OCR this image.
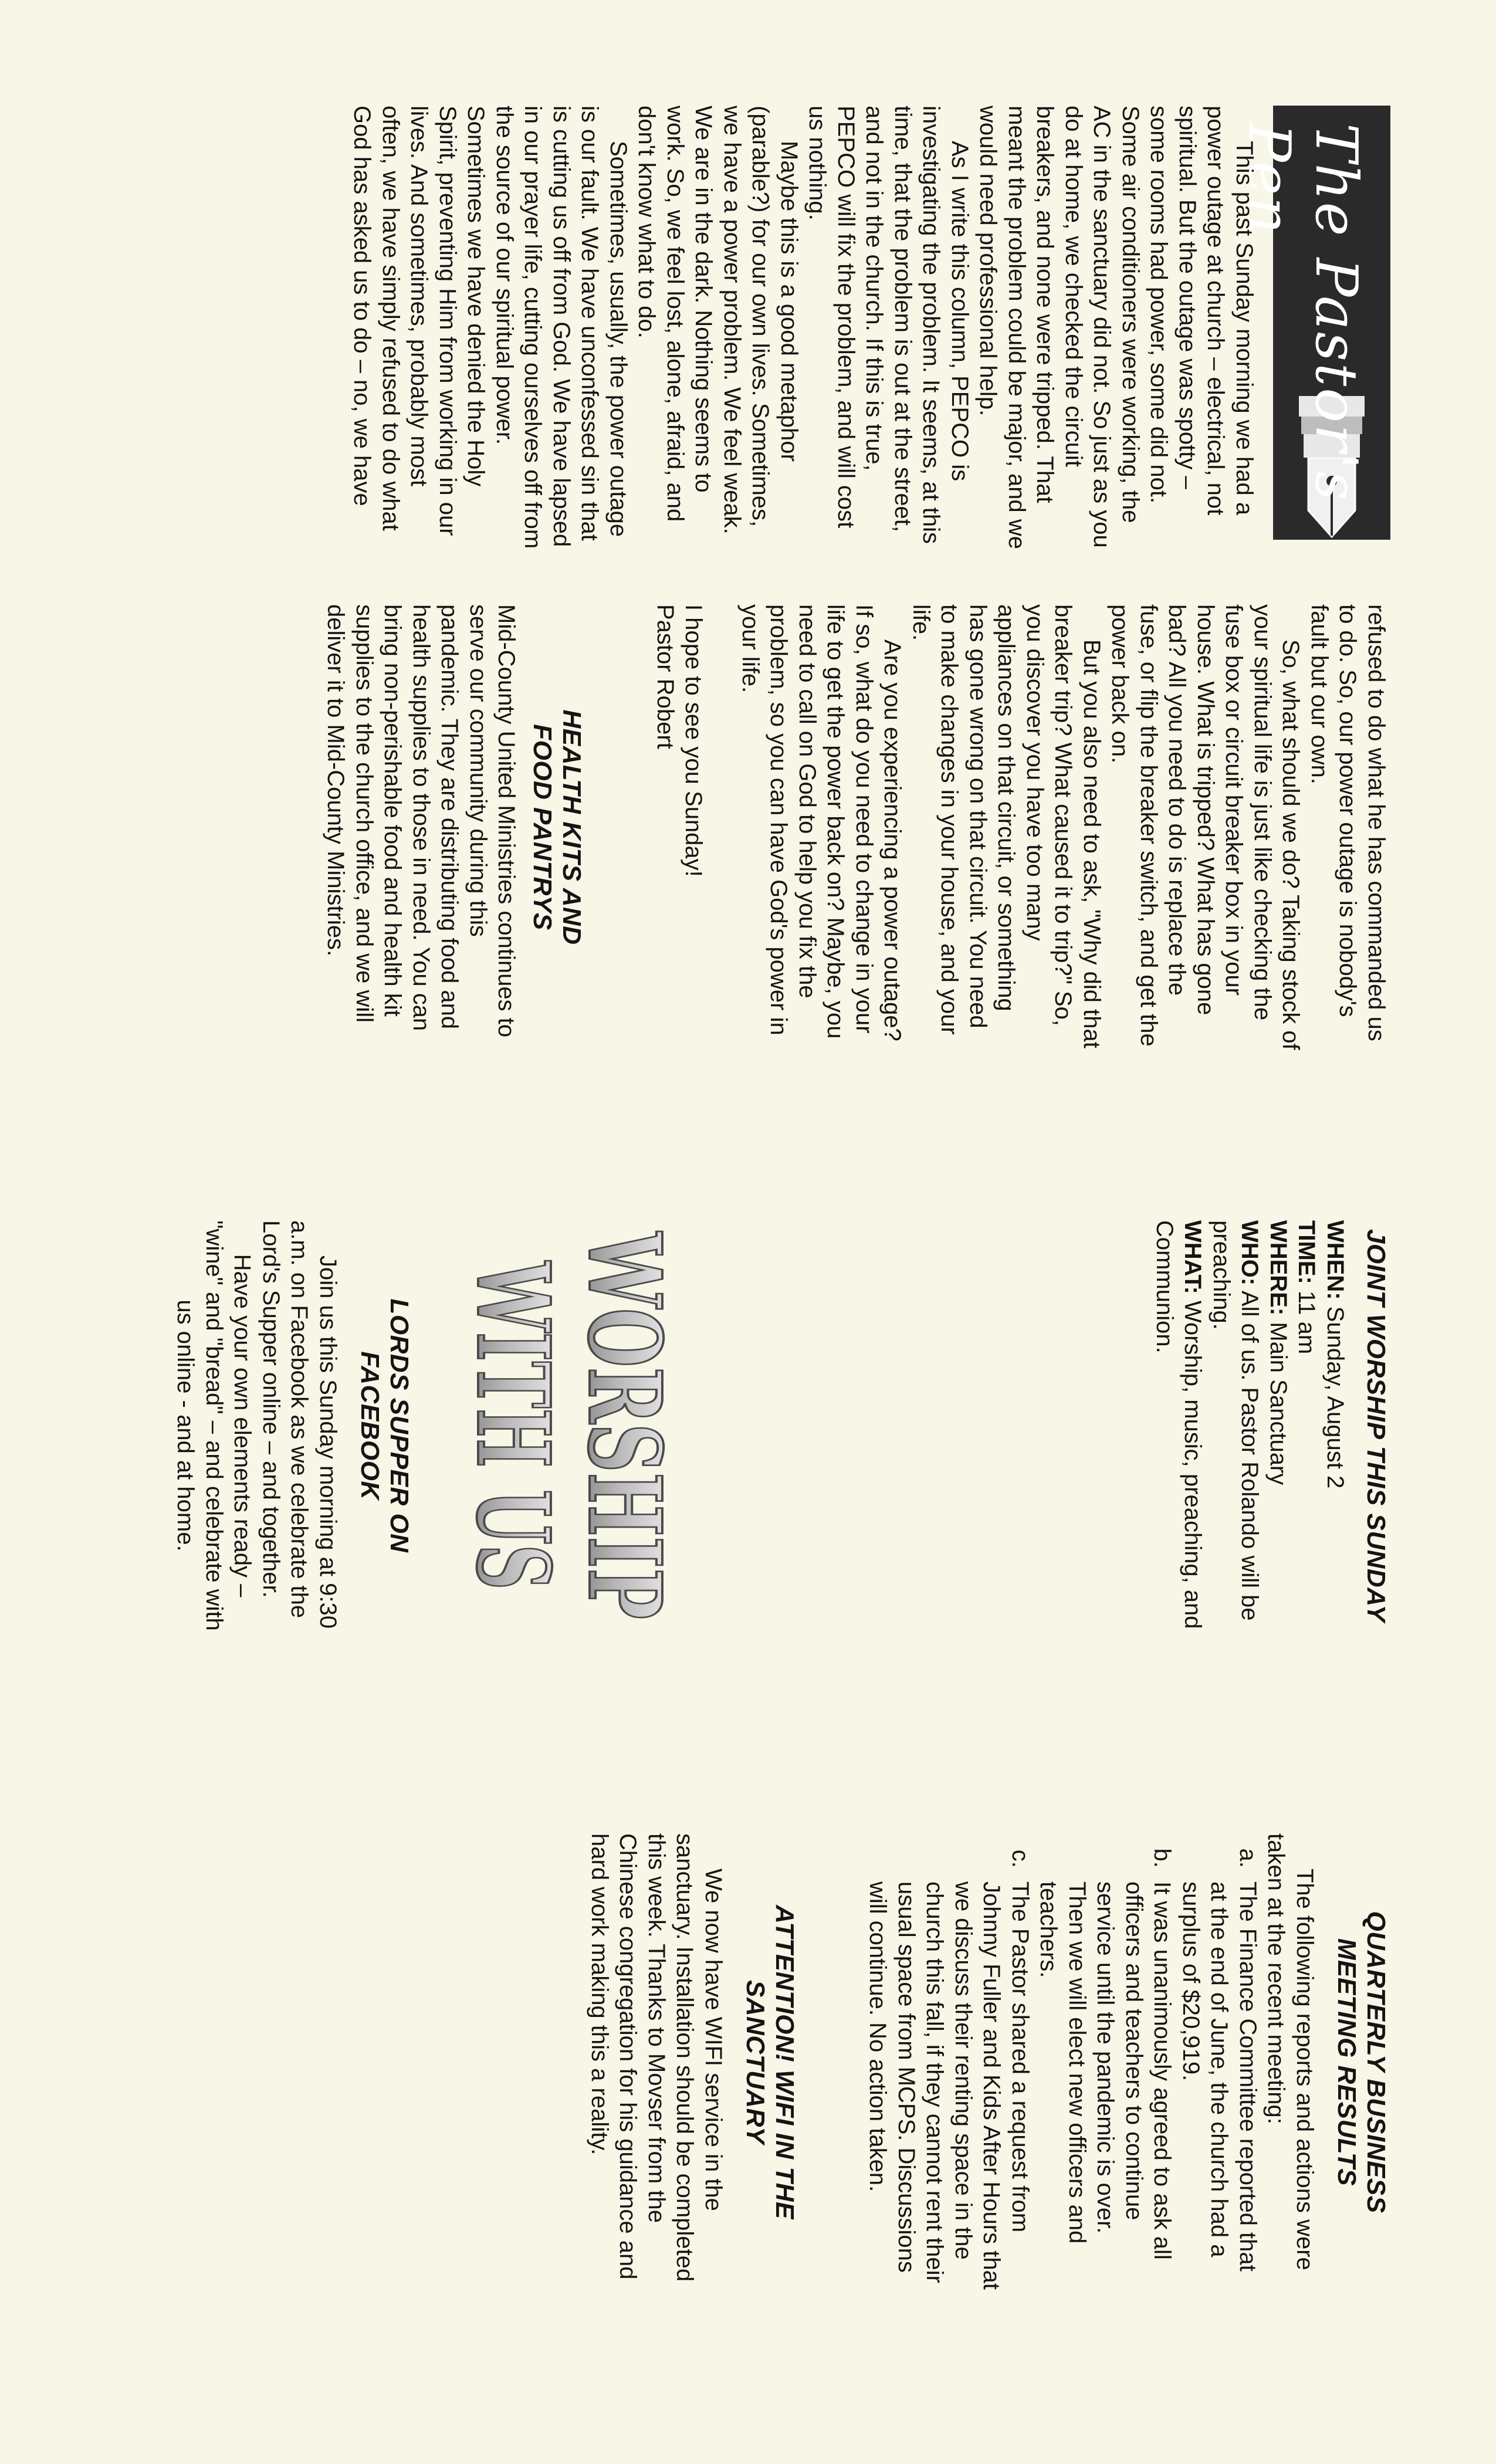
The Pastor's Pen

This past Sunday morning we had a power outage at church – electrical, not spiritual. But the outage was spotty – some rooms had power, some did not. Some air conditioners were working, the AC in the sanctuary did not. So just as you do at home, we checked the circuit breakers, and none were tripped. That meant the problem could be major, and we would need professional help.

As I write this column, PEPCO is investigating the problem. It seems, at this time, that the problem is out at the street, and not in the church. If this is true, PEPCO will fix the problem, and will cost us nothing.

Maybe this is a good metaphor (parable?) for our own lives. Sometimes, we have a power problem. We feel weak. We are in the dark. Nothing seems to work. So, we feel lost, alone, afraid, and don't know what to do.

Sometimes, usually, the power outage is our fault. We have unconfessed sin that is cutting us off from God. We have lapsed in our prayer life, cutting ourselves off from the source of our spiritual power. Sometimes we have denied the Holy Spirit, preventing Him from working in our lives. And sometimes, probably most often, we have simply refused to do what God has asked us to do – no, we have

refused to do what he has commanded us to do. So, our power outage is nobody's fault but our own.

So, what should we do? Taking stock of your spiritual life is just like checking the fuse box or circuit breaker box in your house. What is tripped? What has gone bad? All you need to do is replace the fuse, or flip the breaker switch, and get the power back on.

But you also need to ask, "Why did that breaker trip? What caused it to trip?" So, you discover you have too many appliances on that circuit, or something has gone wrong on that circuit. You need to make changes in your house, and your life.

Are you experiencing a power outage? If so, what do you need to change in your life to get the power back on? Maybe, you need to call on God to help you fix the problem, so you can have God's power in your life.

I hope to see you Sunday!

Pastor Robert

HEALTH KITS AND FOOD PANTRYS

Mid-County United Ministries continues to serve our community during this pandemic. They are distributing food and health supplies to those in need. You can bring non-perishable food and health kit supplies to the church office, and we will deliver it to Mid-County Ministries.

JOINT WORSHIP THIS SUNDAY

WHEN: Sunday, August 2

TIME: 11 am

WHERE: Main Sanctuary

WHO: All of us. Pastor Rolando will be preaching.

WHAT: Worship, music, preaching, and Communion.

WORSHIP
WITH US
LORDS SUPPER ON FACEBOOK

Join us this Sunday morning at 9:30 a.m. on Facebook as we celebrate the Lord's Supper online – and together.

Have your own elements ready – "wine" and "bread" – and celebrate with us online - and at home.

QUARTERLY BUSINESS MEETING RESULTS

The following reports and actions were taken at the recent meeting:

a. The Finance Committee reported that at the end of June, the church had a surplus of $20,919.
b. It was unanimously agreed to ask all officers and teachers to continue service until the pandemic is over. Then we will elect new officers and teachers.
c. The Pastor shared a request from Johnny Fuller and Kids After Hours that we discuss their renting space in the church this fall, if they cannot rent their usual space from MCPS. Discussions will continue. No action taken.
ATTENTION! WIFI IN THE SANCTUARY

We now have WIFI service in the sanctuary. Installation should be completed this week. Thanks to Movser from the Chinese congregation for his guidance and hard work making this a reality.
